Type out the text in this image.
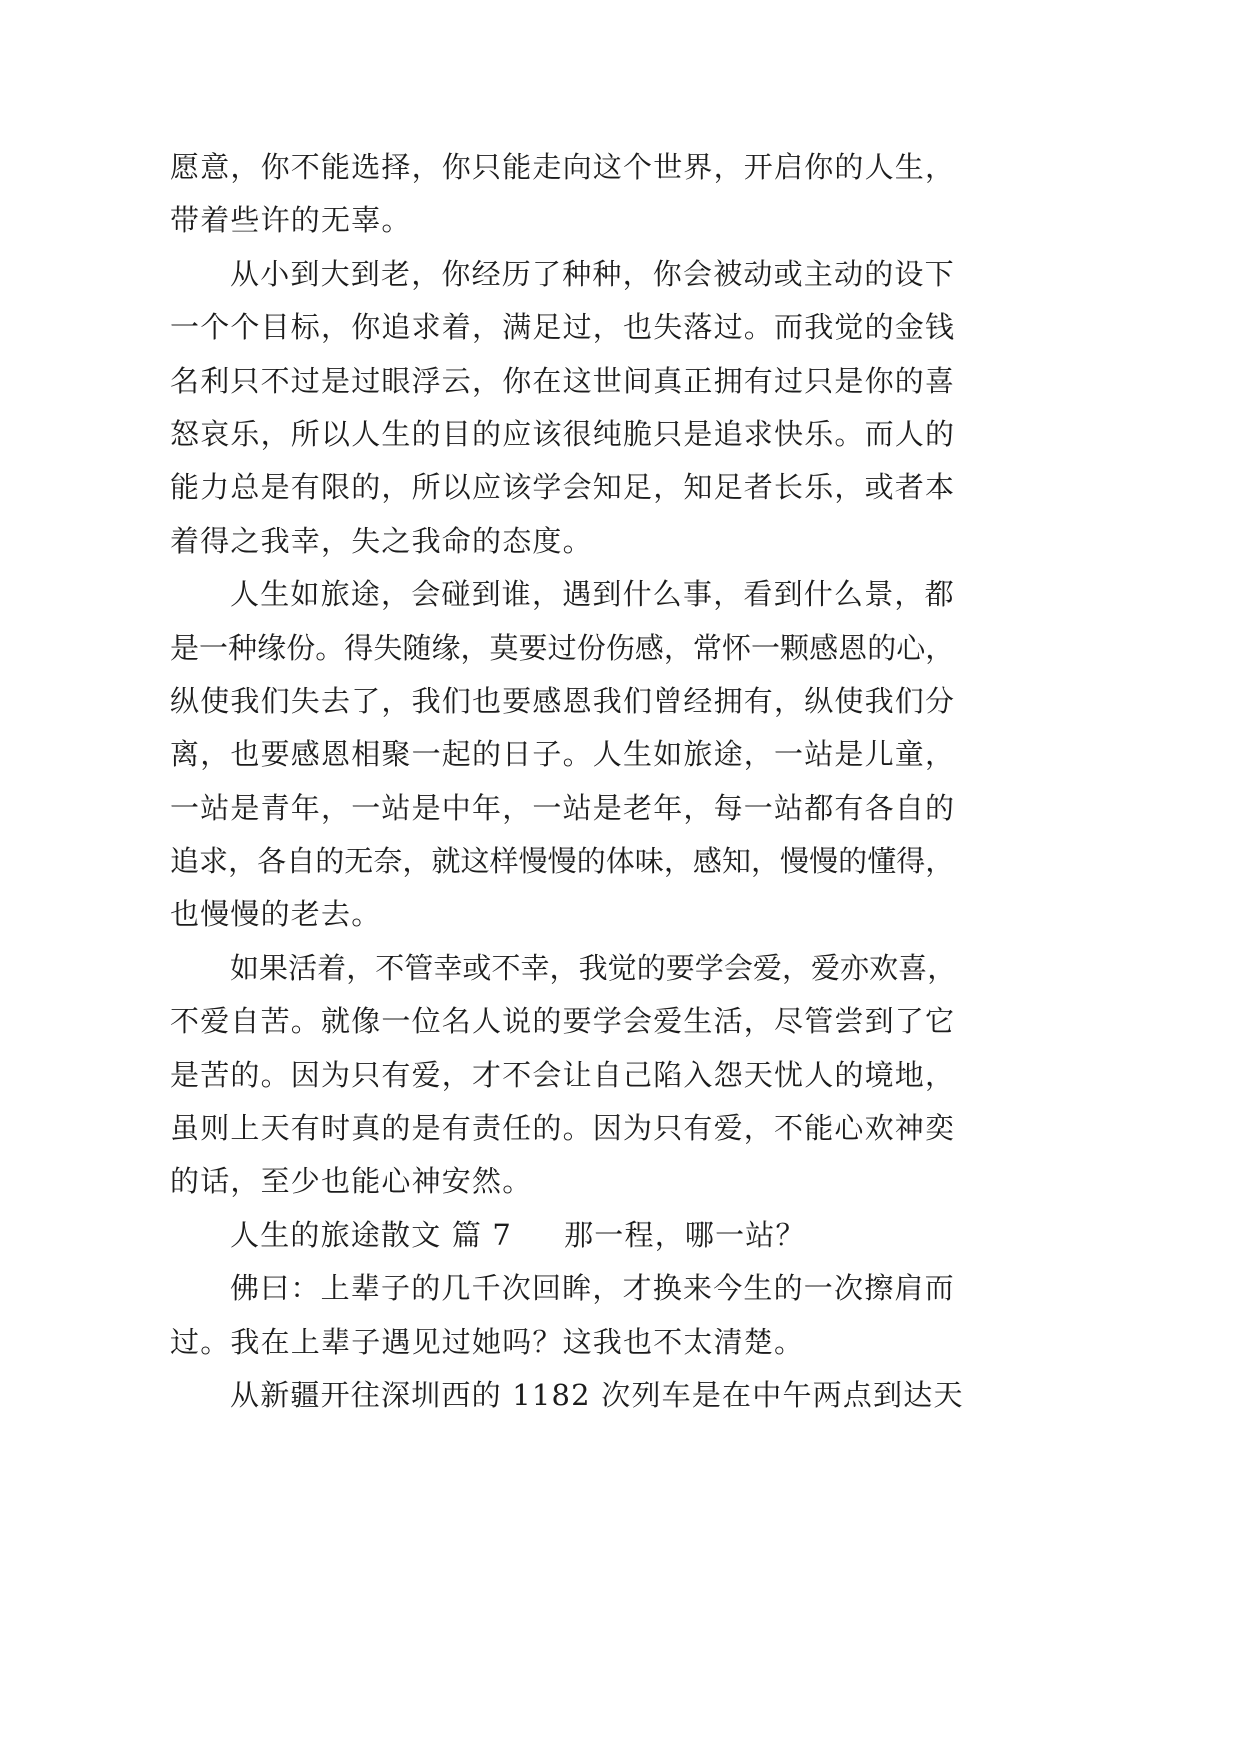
愿意，你不能选择，你只能走向这个世界，开启你的人生，
带着些许的无辜。
从小到大到老，你经历了种种，你会被动或主动的设下
一个个目标，你追求着，满足过，也失落过。而我觉的金钱
名利只不过是过眼浮云，你在这世间真正拥有过只是你的喜
怒哀乐，所以人生的目的应该很纯脆只是追求快乐。而人的
能力总是有限的，所以应该学会知足，知足者长乐，或者本
着得之我幸，失之我命的态度。
人生如旅途，会碰到谁，遇到什么事，看到什么景，都
是一种缘份。得失随缘，莫要过份伤感，常怀一颗感恩的心，
纵使我们失去了，我们也要感恩我们曾经拥有，纵使我们分
离，也要感恩相聚一起的日子。人生如旅途，一站是儿童，
一站是青年，一站是中年，一站是老年，每一站都有各自的
追求，各自的无奈，就这样慢慢的体味，感知，慢慢的懂得，
也慢慢的老去。
如果活着，不管幸或不幸，我觉的要学会爱，爱亦欢喜，
不爱自苦。就像一位名人说的要学会爱生活，尽管尝到了它
是苦的。因为只有爱，才不会让自己陷入怨天忧人的境地，
虽则上天有时真的是有责任的。因为只有爱，不能心欢神奕
的话，至少也能心神安然。
人生的旅途散文 篇 7 那一程，哪一站？
佛曰：上辈子的几千次回眸，才换来今生的一次擦肩而
过。我在上辈子遇见过她吗？这我也不太清楚。
从新疆开往深圳西的 1182 次列车是在中午两点到达天
